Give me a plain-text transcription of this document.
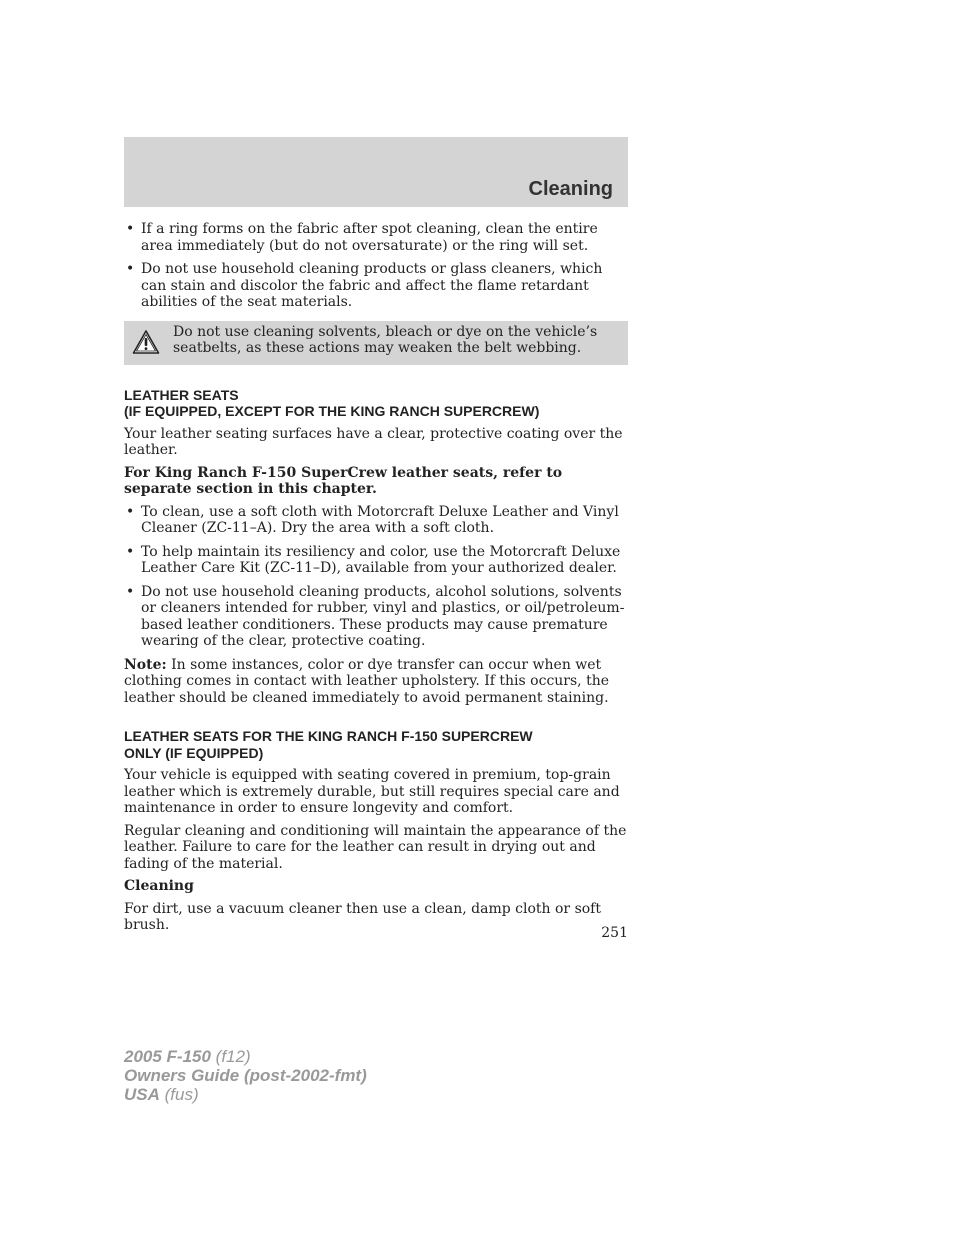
Cleaning
• If a ring forms on the fabric after spot cleaning, clean the entire area immediately (but do not oversaturate) or the ring will set.
• Do not use household cleaning products or glass cleaners, which can stain and discolor the fabric and affect the flame retardant abilities of the seat materials.
Do not use cleaning solvents, bleach or dye on the vehicle’s seatbelts, as these actions may weaken the belt webbing.
LEATHER SEATS
(IF EQUIPPED, EXCEPT FOR THE KING RANCH SUPERCREW)

Your leather seating surfaces have a clear, protective coating over the leather.

For King Ranch F-150 SuperCrew leather seats, refer to separate section in this chapter.

• To clean, use a soft cloth with Motorcraft Deluxe Leather and Vinyl Cleaner (ZC-11–A). Dry the area with a soft cloth.
• To help maintain its resiliency and color, use the Motorcraft Deluxe Leather Care Kit (ZC-11–D), available from your authorized dealer.
• Do not use household cleaning products, alcohol solutions, solvents or cleaners intended for rubber, vinyl and plastics, or oil/petroleum-based leather conditioners. These products may cause premature wearing of the clear, protective coating.

Note: In some instances, color or dye transfer can occur when wet clothing comes in contact with leather upholstery. If this occurs, the leather should be cleaned immediately to avoid permanent staining.

LEATHER SEATS FOR THE KING RANCH F-150 SUPERCREW
ONLY (IF EQUIPPED)

Your vehicle is equipped with seating covered in premium, top-grain leather which is extremely durable, but still requires special care and maintenance in order to ensure longevity and comfort.

Regular cleaning and conditioning will maintain the appearance of the leather. Failure to care for the leather can result in drying out and fading of the material.

Cleaning

For dirt, use a vacuum cleaner then use a clean, damp cloth or soft brush.	251
2005 F-150 (f12)
Owners Guide (post-2002-fmt)
USA (fus)
